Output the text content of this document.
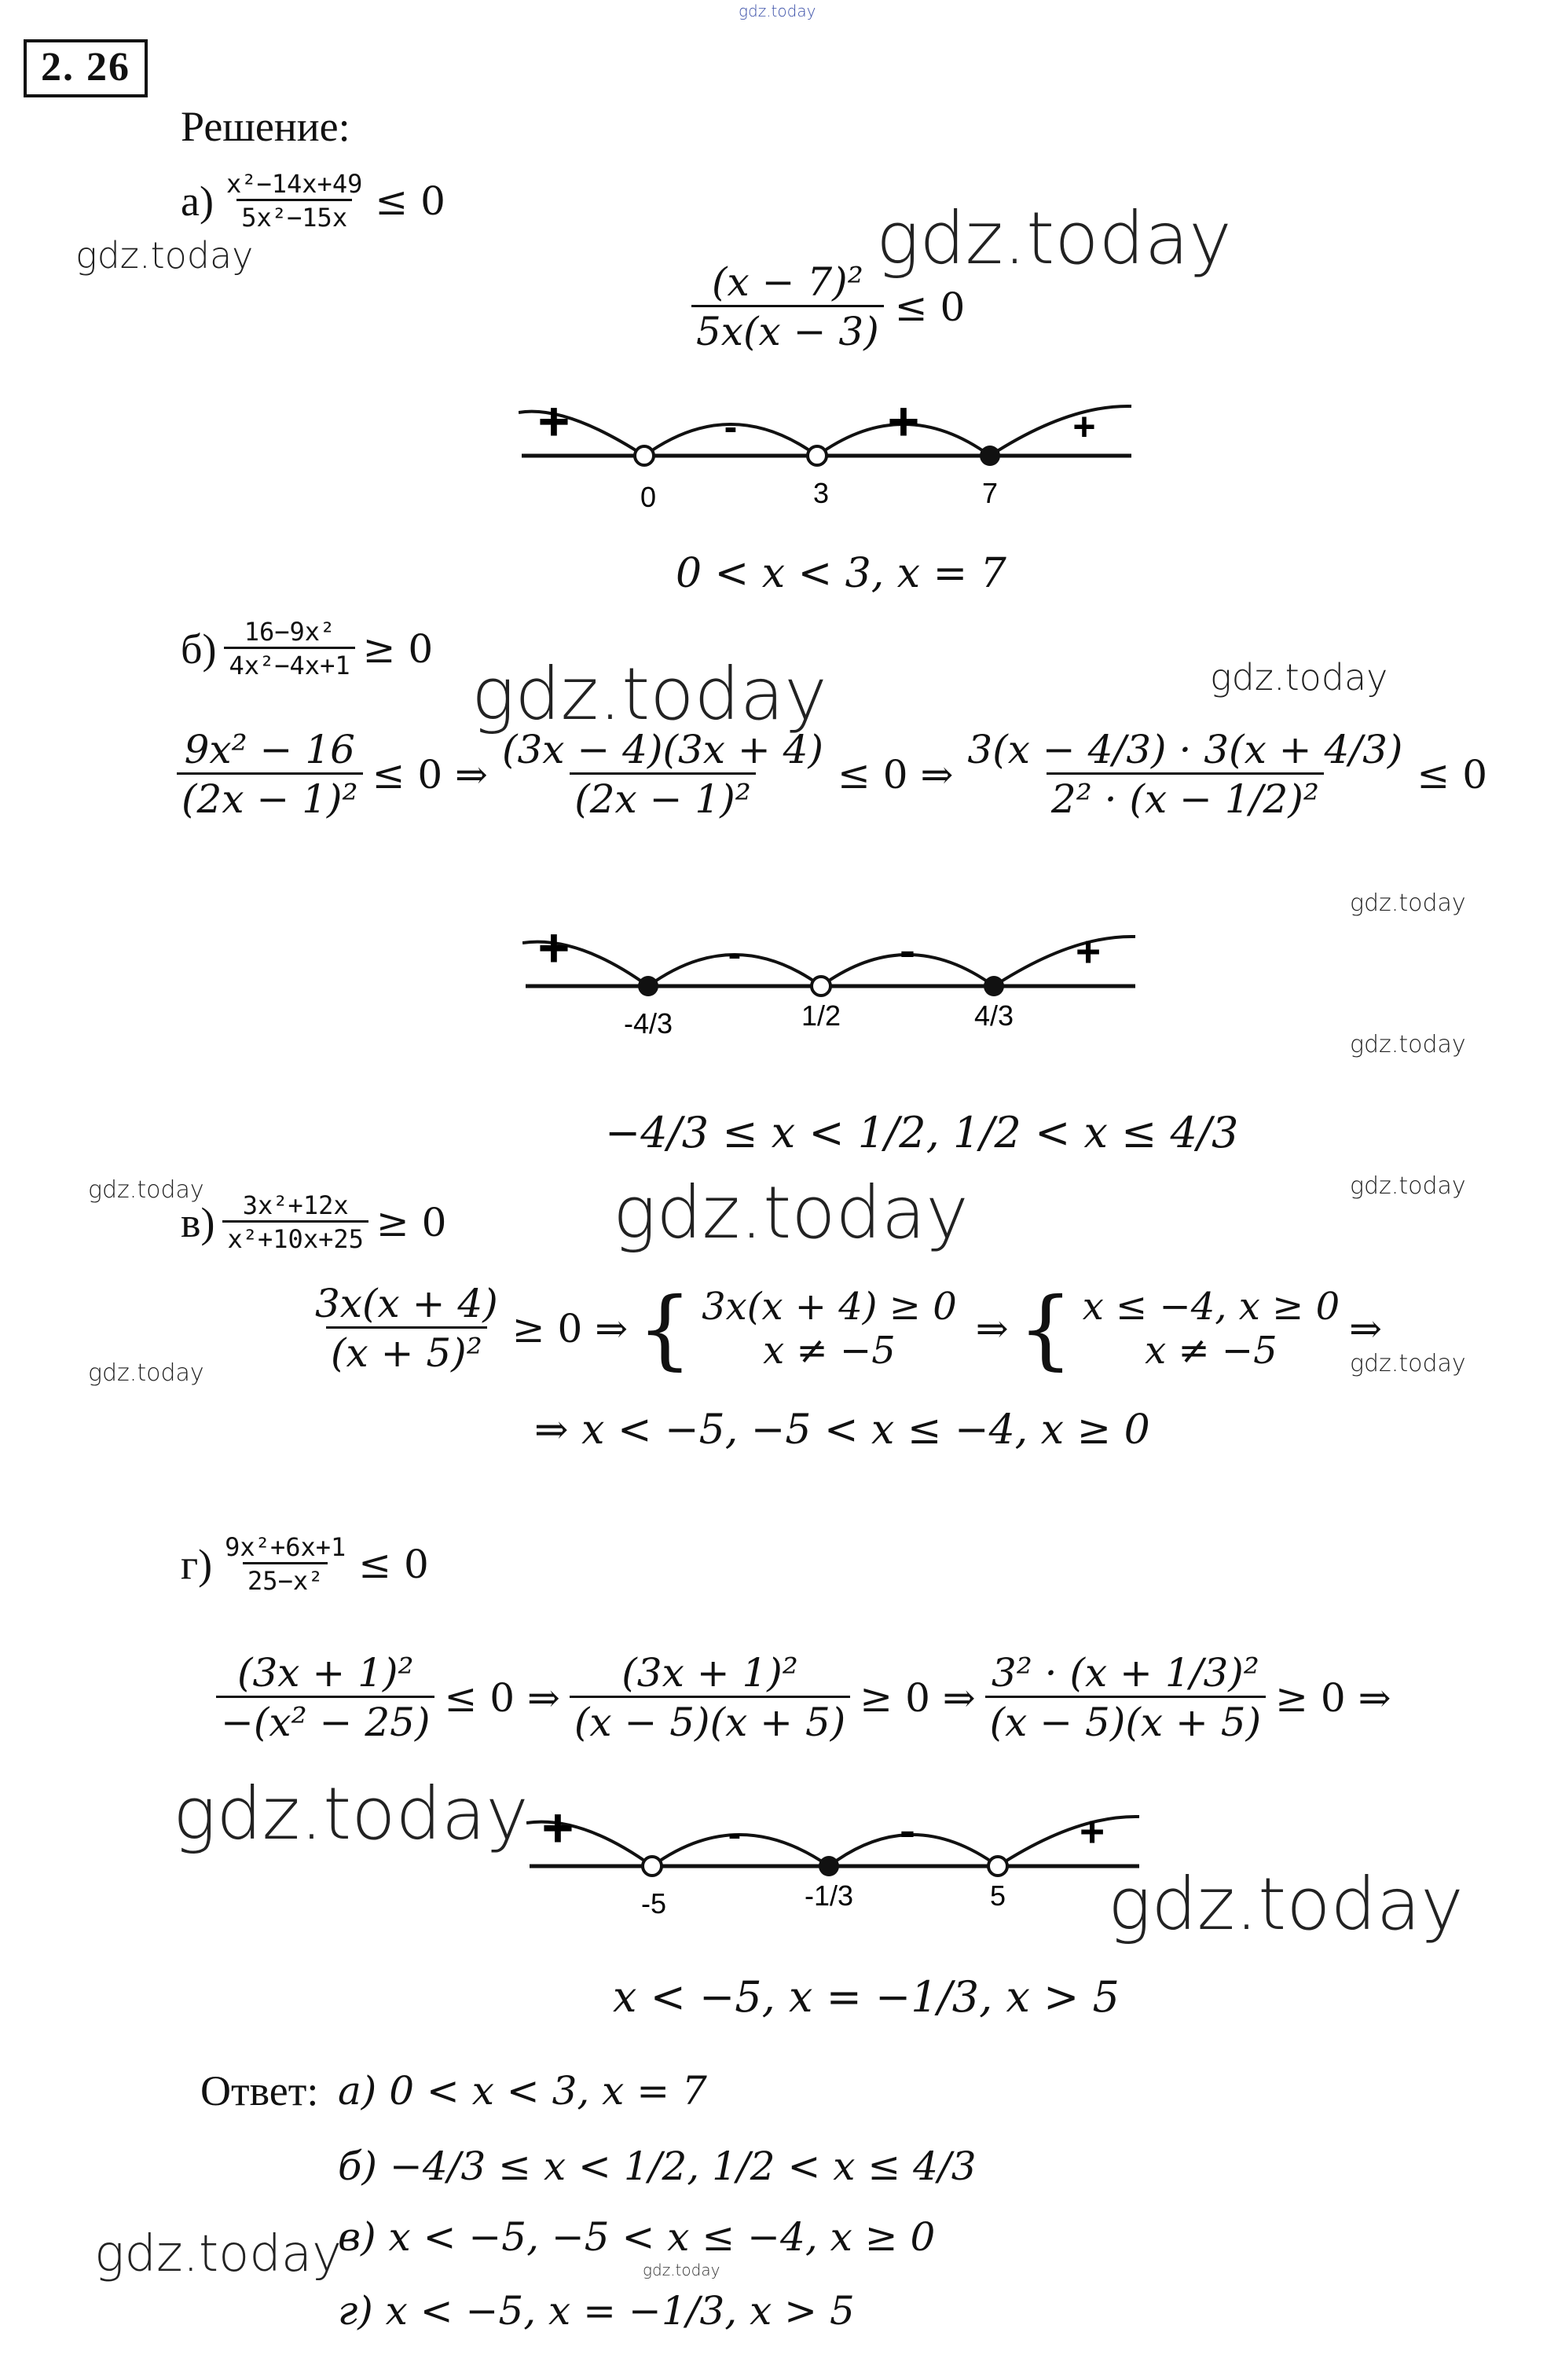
gdz.today
2. 26
Решение:
$а) \frac{\text{x²−14x+49}}{\text{5x²−15x}} \le 0$
gdz.today	gdz.today
$\frac{\text{(x − 7)²}}{5x(x - 3)} \le 0$
+	-	+	+
0	3	7
0 < x < 3, x = 7
$б) \frac{\text{16−9x²}}{\text{4x²−4x+1}} \ge 0$
gdz.today	gdz.today
$\frac{\text{9x² − 16}}{\text{(2x − 1)²}} \le 0$ ⇒ $\frac{(3x - 4)(3x + 4)}{\text{(2x − 1)²}} \le 0$ ⇒ $\frac{3(x - 4/3) \cdot 3(x + 4/3)}{\text{2² · (x − 1/2)²}} \le 0$
gdz.today
+	-	-	+
-4/3	1/2	4/3
gdz.today
−4/3 ≤ x < 1/2, 1/2 < x ≤ 4/3
gdz.today	gdz.today
gdz.today
$в) \frac{\text{3x²+12x}}{\text{x²+10x+25}} \ge 0$
$\frac{3x(x + 4)}{\text{(x + 5)²}} \ge 0$ ⇒ { 3x(x + 4) ≥ 0
x ≠ −5 ⇒ { x ≤ −4, x ≥ 0
x ≠ −5 ⇒
gdz.today	gdz.today
⇒ x < −5, −5 < x ≤ −4, x ≥ 0
$г) \frac{\text{9x²+6x+1}}{\text{25−x²}} \le 0$
$\frac{\text{(3x + 1)²}}{\text{−(x² − 25)}} \le 0$ ⇒ $\frac{\text{(3x + 1)²}}{(x - 5)(x + 5)} \ge 0$ ⇒ $\frac{\text{3² · (x + 1/3)²}}{(x - 5)(x + 5)} \ge 0$ ⇒
gdz.today +	-	-	+
-5	-1/3	5 gdz.today
x < −5, x = −1/3, x > 5
Ответ: а) 0 < x < 3, x = 7
б) −4/3 ≤ x < 1/2, 1/2 < x ≤ 4/3
gdz.today
в) x < −5, −5 < x ≤ −4, x ≥ 0
gdz.today
г) x < −5, x = −1/3, x > 5
